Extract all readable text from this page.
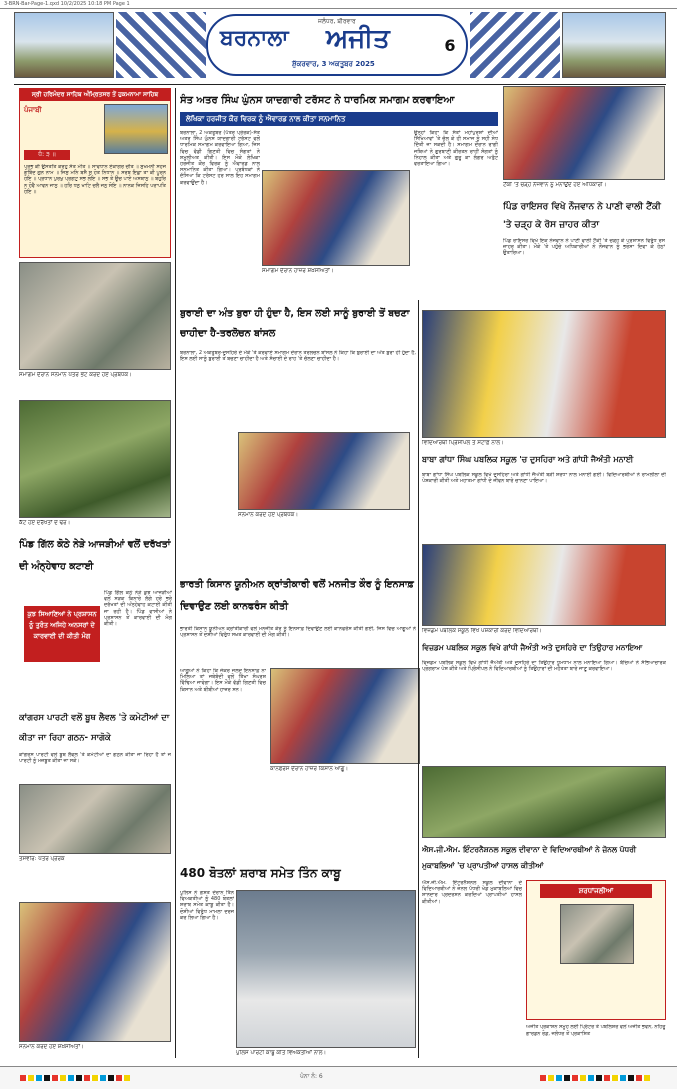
3-BRN-Bar-Page-1.qxd 10/2/2025 10:18 PM Page 1
ਜਲੰਧਰ, ਬੀਰਵਾਰ
ਬਰਨਾਲਾ ਅਜੀਤ
ਸ਼ੁੱਕਰਵਾਰ, 3 ਅਕਤੂਬਰ 2025
6
ਸ੍ਰੀ ਹਰਿਮੰਦਰ ਸਾਹਿਬ ਅੰਮ੍ਰਿਤਸਰ ਤੋਂ ਹੁਕਮਨਾਮਾ ਸਾਹਿਬ
ਪੰਜਾਬੀ
ਧੰ: ੩ ॥
ਪ੍ਰਭ ਕੀ ਉਸਤਤਿ ਕਰਹੁ ਸੰਤ ਮੀਤ ॥ ਸਾਵਧਾਨ ਏਕਾਗਰ ਚੀਤ ॥ ਸੁਖਮਨੀ ਸਹਜ ਗੋਬਿੰਦ ਗੁਨ ਨਾਮ ॥ ਜਿਸੁ ਮਨਿ ਬਸੈ ਸੁ ਹੋਤ ਨਿਧਾਨ ॥ ਸਰਬ ਇਛਾ ਤਾ ਕੀ ਪੂਰਨ ਹੋਇ ॥ ਪ੍ਰਧਾਨ ਪੁਰਖੁ ਪ੍ਰਗਟੁ ਸਭ ਲੋਇ ॥ ਸਭ ਤੇ ਊਚ ਪਾਏ ਅਸਥਾਨੁ ॥ ਬਹੁਰਿ ਨ ਹੋਵੈ ਆਵਨ ਜਾਨੁ ॥ ਹਰਿ ਧਨੁ ਖਾਟਿ ਚਲੈ ਜਨੁ ਸੋਇ ॥ ਨਾਨਕ ਜਿਸਹਿ ਪਰਾਪਤਿ ਹੋਇ ॥
ਸਮਾਗਮ ਦੌਰਾਨ ਸਨਮਾਨ ਪੱਤਰ ਭੇਟ ਕਰਦੇ ਹੋਏ ਪ੍ਰਬੰਧਕ।
ਸੰਤ ਅਤਰ ਸਿੰਘ ਘੁੰਨਸ ਯਾਦਗਾਰੀ ਟਰੱਸਟ ਨੇ ਧਾਰਮਿਕ ਸਮਾਗਮ ਕਰਵਾਇਆ
ਲੇਖਿਕਾ ਹਰਜੀਤ ਕੌਰ ਵਿਰਕ ਨੂੰ ਐਵਾਰਡ ਨਾਲ ਕੀਤਾ ਸਨਮਾਨਿਤ
ਬਰਨਾਲਾ, 2 ਅਕਤੂਬਰ (ਪੱਤਰ ਪ੍ਰੇਰਕ)-ਸੰਤ ਅਤਰ ਸਿੰਘ ਘੁੰਨਸ ਯਾਦਗਾਰੀ ਟਰੱਸਟ ਵਲੋਂ ਧਾਰਮਿਕ ਸਮਾਗਮ ਕਰਵਾਇਆ ਗਿਆ, ਜਿਸ ਵਿਚ ਵੱਡੀ ਗਿਣਤੀ ਵਿਚ ਸੰਗਤਾਂ ਨੇ ਸ਼ਮੂਲੀਅਤ ਕੀਤੀ। ਇਸ ਮੌਕੇ ਲੇਖਿਕਾ ਹਰਜੀਤ ਕੌਰ ਵਿਰਕ ਨੂੰ ਐਵਾਰਡ ਨਾਲ ਸਨਮਾਨਿਤ ਕੀਤਾ ਗਿਆ। ਪ੍ਰਬੰਧਕਾਂ ਨੇ ਦੱਸਿਆ ਕਿ ਟਰੱਸਟ ਹਰ ਸਾਲ ਇਹ ਸਮਾਗਮ ਕਰਵਾਉਂਦਾ ਹੈ।
ਸਮਾਗਮ ਦੌਰਾਨ ਹਾਜ਼ਰ ਸ਼ਖ਼ਸੀਅਤਾਂ।
ਉਨ੍ਹਾਂ ਕਿਹਾ ਕਿ ਸੰਤਾਂ ਮਹਾਂਪੁਰਸ਼ਾਂ ਦੀਆਂ ਸਿੱਖਿਆਵਾਂ 'ਤੇ ਚੱਲ ਕੇ ਹੀ ਸਮਾਜ ਨੂੰ ਸਹੀ ਸੇਧ ਦਿੱਤੀ ਜਾ ਸਕਦੀ ਹੈ। ਸਮਾਗਮ ਦੌਰਾਨ ਰਾਗੀ ਜਥਿਆਂ ਨੇ ਗੁਰਬਾਣੀ ਕੀਰਤਨ ਰਾਹੀਂ ਸੰਗਤਾਂ ਨੂੰ ਨਿਹਾਲ ਕੀਤਾ ਅਤੇ ਗੁਰੂ ਕਾ ਲੰਗਰ ਅਤੁੱਟ ਵਰਤਾਇਆ ਗਿਆ।
ਟੈਂਕੀ 'ਤੇ ਚੜ੍ਹੇ ਨੌਜਵਾਨ ਨੂੰ ਮਨਾਉਂਦੇ ਹੋਏ ਅਧਿਕਾਰੀ।
ਪਿੰਡ ਰਾਇਸਰ ਵਿਖੇ ਨੌਜਵਾਨ ਨੇ ਪਾਣੀ ਵਾਲੀ ਟੈਂਕੀ 'ਤੇ ਚੜ੍ਹ ਕੇ ਰੋਸ ਜ਼ਾਹਰ ਕੀਤਾ
ਪਿੰਡ ਰਾਇਸਰ ਵਿਖੇ ਇਕ ਨੌਜਵਾਨ ਨੇ ਪਾਣੀ ਵਾਲੀ ਟੈਂਕੀ 'ਤੇ ਚੜ੍ਹ ਕੇ ਪ੍ਰਸ਼ਾਸਨ ਵਿਰੁੱਧ ਰੋਸ ਜ਼ਾਹਰ ਕੀਤਾ। ਮੌਕੇ 'ਤੇ ਪਹੁੰਚੇ ਅਧਿਕਾਰੀਆਂ ਨੇ ਨੌਜਵਾਨ ਨੂੰ ਭਰੋਸਾ ਦਿਵਾ ਕੇ ਹੇਠਾਂ ਉਤਾਰਿਆ।
ਬੁਰਾਈ ਦਾ ਅੰਤ ਬੁਰਾ ਹੀ ਹੁੰਦਾ ਹੈ, ਇਸ ਲਈ ਸਾਨੂੰ ਬੁਰਾਈ ਤੋਂ ਬਚਣਾ ਚਾਹੀਦਾ ਹੈ-ਤਰਲੋਚਨ ਬਾਂਸਲ
ਬਰਨਾਲਾ, 2 ਅਕਤੂਬਰ-ਦੁਸਹਿਰੇ ਦੇ ਮੌਕੇ 'ਤੇ ਕਰਵਾਏ ਸਮਾਗਮ ਦੌਰਾਨ ਤਰਲੋਚਨ ਬਾਂਸਲ ਨੇ ਕਿਹਾ ਕਿ ਬੁਰਾਈ ਦਾ ਅੰਤ ਬੁਰਾ ਹੀ ਹੁੰਦਾ ਹੈ, ਇਸ ਲਈ ਸਾਨੂੰ ਬੁਰਾਈ ਤੋਂ ਬਚਣਾ ਚਾਹੀਦਾ ਹੈ ਅਤੇ ਸੱਚਾਈ ਦੇ ਰਾਹ 'ਤੇ ਚੱਲਣਾ ਚਾਹੀਦਾ ਹੈ।
ਸਨਮਾਨ ਕਰਦੇ ਹੋਏ ਪ੍ਰਬੰਧਕ।
ਵਿਦਿਆਰਥੀ ਪ੍ਰਿੰਸੀਪਲ ਤੇ ਸਟਾਫ਼ ਨਾਲ।
ਬਾਬਾ ਗਾਂਧਾ ਸਿੰਘ ਪਬਲਿਕ ਸਕੂਲ 'ਚ ਦੁਸਹਿਰਾ ਅਤੇ ਗਾਂਧੀ ਜੈਅੰਤੀ ਮਨਾਈ
ਬਾਬਾ ਗਾਂਧਾ ਸਿੰਘ ਪਬਲਿਕ ਸਕੂਲ ਵਿਖੇ ਦੁਸਹਿਰਾ ਅਤੇ ਗਾਂਧੀ ਜੈਅੰਤੀ ਬੜੀ ਸ਼ਰਧਾ ਨਾਲ ਮਨਾਈ ਗਈ। ਵਿਦਿਆਰਥੀਆਂ ਨੇ ਰਾਮਲੀਲਾ ਦੀ ਪੇਸ਼ਕਾਰੀ ਕੀਤੀ ਅਤੇ ਮਹਾਤਮਾ ਗਾਂਧੀ ਦੇ ਜੀਵਨ ਬਾਰੇ ਚਾਨਣਾ ਪਾਇਆ।
ਕੱਟੇ ਹੋਏ ਦਰੱਖਤਾਂ ਦੇ ਢੇਰ।
ਪਿੰਡ ਗਿੱਲ ਕੋਠੇ ਨੇੜੇ ਆਜੜੀਆਂ ਵਲੋਂ ਦਰੱਖਤਾਂ ਦੀ ਅੰਨ੍ਹੇਵਾਹ ਕਟਾਈ
ਕੁਝ ਸਿਆਣਿਆਂ ਨੇ ਪ੍ਰਸ਼ਾਸਨ ਨੂੰ ਤੁਰੰਤ ਅਜਿਹੇ ਅਨਸਰਾਂ ਦੇ ਕਾਰਵਾਈ ਦੀ ਕੀਤੀ ਮੰਗ
ਪਿੰਡ ਗਿੱਲ ਕੋਠੇ ਨੇੜੇ ਕੁਝ ਆਜੜੀਆਂ ਵਲੋਂ ਸੜਕ ਕਿਨਾਰੇ ਲੱਗੇ ਹਰੇ ਭਰੇ ਦਰੱਖਤਾਂ ਦੀ ਅੰਨ੍ਹੇਵਾਹ ਕਟਾਈ ਕੀਤੀ ਜਾ ਰਹੀ ਹੈ। ਪਿੰਡ ਵਾਸੀਆਂ ਨੇ ਪ੍ਰਸ਼ਾਸਨ ਤੋਂ ਕਾਰਵਾਈ ਦੀ ਮੰਗ ਕੀਤੀ।
ਭਾਰਤੀ ਕਿਸਾਨ ਯੂਨੀਅਨ ਕ੍ਰਾਂਤੀਕਾਰੀ ਵਲੋਂ ਮਨਜੀਤ ਕੌਰ ਨੂੰ ਇਨਸਾਫ਼ ਦਿਵਾਉਣ ਲਈ ਕਾਨਫਰੰਸ ਕੀਤੀ
ਭਾਰਤੀ ਕਿਸਾਨ ਯੂਨੀਅਨ ਕ੍ਰਾਂਤੀਕਾਰੀ ਵਲੋਂ ਮਨਜੀਤ ਕੌਰ ਨੂੰ ਇਨਸਾਫ਼ ਦਿਵਾਉਣ ਲਈ ਕਾਨਫਰੰਸ ਕੀਤੀ ਗਈ, ਜਿਸ ਵਿਚ ਆਗੂਆਂ ਨੇ ਪ੍ਰਸ਼ਾਸਨ ਤੋਂ ਦੋਸ਼ੀਆਂ ਵਿਰੁੱਧ ਸਖ਼ਤ ਕਾਰਵਾਈ ਦੀ ਮੰਗ ਕੀਤੀ।
ਕਾਨਫਰੰਸ ਦੌਰਾਨ ਹਾਜ਼ਰ ਕਿਸਾਨ ਆਗੂ।
ਆਗੂਆਂ ਨੇ ਕਿਹਾ ਕਿ ਜੇਕਰ ਜਲਦ ਇਨਸਾਫ਼ ਨਾ ਮਿਲਿਆ ਤਾਂ ਜਥੇਬੰਦੀ ਵਲੋਂ ਤਿੱਖਾ ਸੰਘਰਸ਼ ਵਿੱਢਿਆ ਜਾਵੇਗਾ। ਇਸ ਮੌਕੇ ਵੱਡੀ ਗਿਣਤੀ ਵਿਚ ਕਿਸਾਨ ਅਤੇ ਬੀਬੀਆਂ ਹਾਜ਼ਰ ਸਨ।
ਵਿਜ਼ਡਮ ਪਬਲਿਕ ਸਕੂਲ ਵਿਖੇ ਪੇਸ਼ਕਾਰੀ ਕਰਦੇ ਵਿਦਿਆਰਥੀ।
ਵਿਜ਼ਡਮ ਪਬਲਿਕ ਸਕੂਲ ਵਿਖੇ ਗਾਂਧੀ ਜੈਅੰਤੀ ਅਤੇ ਦੁਸਹਿਰੇ ਦਾ ਤਿਉਹਾਰ ਮਨਾਇਆ
ਵਿਜ਼ਡਮ ਪਬਲਿਕ ਸਕੂਲ ਵਿਖੇ ਗਾਂਧੀ ਜੈਅੰਤੀ ਅਤੇ ਦੁਸਹਿਰੇ ਦਾ ਤਿਉਹਾਰ ਧੂਮਧਾਮ ਨਾਲ ਮਨਾਇਆ ਗਿਆ। ਬੱਚਿਆਂ ਨੇ ਸੱਭਿਆਚਾਰਕ ਪ੍ਰੋਗਰਾਮ ਪੇਸ਼ ਕੀਤੇ ਅਤੇ ਪ੍ਰਿੰਸੀਪਲ ਨੇ ਵਿਦਿਆਰਥੀਆਂ ਨੂੰ ਤਿਉਹਾਰਾਂ ਦੀ ਮਹੱਤਤਾ ਬਾਰੇ ਜਾਣੂ ਕਰਵਾਇਆ।
ਕਾਂਗਰਸ ਪਾਰਟੀ ਵਲੋਂ ਬੂਥ ਲੈਵਲ 'ਤੇ ਕਮੇਟੀਆਂ ਦਾ ਕੀਤਾ ਜਾ ਰਿਹਾ ਗਠਨ- ਸਾਗੋਕੇ
ਕਾਂਗਰਸ ਪਾਰਟੀ ਵਲੋਂ ਬੂਥ ਲੈਵਲ 'ਤੇ ਕਮੇਟੀਆਂ ਦਾ ਗਠਨ ਕੀਤਾ ਜਾ ਰਿਹਾ ਹੈ ਤਾਂ ਜੋ ਪਾਰਟੀ ਨੂੰ ਮਜ਼ਬੂਤ ਕੀਤਾ ਜਾ ਸਕੇ।
ਤਸਵੀਰ: ਪੱਤਰ ਪ੍ਰੇਰਕ
480 ਬੋਤਲਾਂ ਸ਼ਰਾਬ ਸਮੇਤ ਤਿੰਨ ਕਾਬੂ
ਪੁਲਿਸ ਪਾਰਟੀ ਕਾਬੂ ਕੀਤੇ ਵਿਅਕਤੀਆਂ ਨਾਲ।
ਪੁਲਿਸ ਨੇ ਗਸ਼ਤ ਦੌਰਾਨ ਤਿੰਨ ਵਿਅਕਤੀਆਂ ਨੂੰ 480 ਬੋਤਲਾਂ ਸ਼ਰਾਬ ਸਮੇਤ ਕਾਬੂ ਕੀਤਾ ਹੈ। ਦੋਸ਼ੀਆਂ ਵਿਰੁੱਧ ਮਾਮਲਾ ਦਰਜ ਕਰ ਲਿਆ ਗਿਆ ਹੈ।
ਸਨਮਾਨ ਕਰਦੇ ਹੋਏ ਸ਼ਖ਼ਸੀਅਤਾਂ।
ਐਸ.ਜੀ.ਐਮ. ਇੰਟਰਨੈਸ਼ਨਲ ਸਕੂਲ ਦੀਵਾਨਾ ਦੇ ਵਿਦਿਆਰਥੀਆਂ ਨੇ ਜ਼ੋਨਲ ਪੱਧਰੀ ਮੁਕਾਬਲਿਆਂ 'ਚ ਪ੍ਰਾਪਤੀਆਂ ਹਾਸਲ ਕੀਤੀਆਂ
ਐਸ.ਜੀ.ਐਮ. ਇੰਟਰਨੈਸ਼ਨਲ ਸਕੂਲ ਦੀਵਾਨਾ ਦੇ ਵਿਦਿਆਰਥੀਆਂ ਨੇ ਜ਼ੋਨਲ ਪੱਧਰੀ ਖੇਡ ਮੁਕਾਬਲਿਆਂ ਵਿਚ ਸ਼ਾਨਦਾਰ ਪ੍ਰਦਰਸ਼ਨ ਕਰਦਿਆਂ ਪ੍ਰਾਪਤੀਆਂ ਹਾਸਲ ਕੀਤੀਆਂ।
ਸ਼ਰਧਾਂਜਲੀਆਂ
ਅਜੀਤ ਪ੍ਰਕਾਸ਼ਨ ਸਮੂਹ ਲਈ ਪ੍ਰਿੰਟਰ ਤੇ ਪਬਲਿਸ਼ਰ ਵਲੋਂ ਅਜੀਤ ਭਵਨ, ਨਹਿਰੂ ਗਾਰਡਨ ਰੋਡ, ਜਲੰਧਰ ਤੋਂ ਪ੍ਰਕਾਸ਼ਿਤ
ਪੰਨਾ ਨੰ: 6
